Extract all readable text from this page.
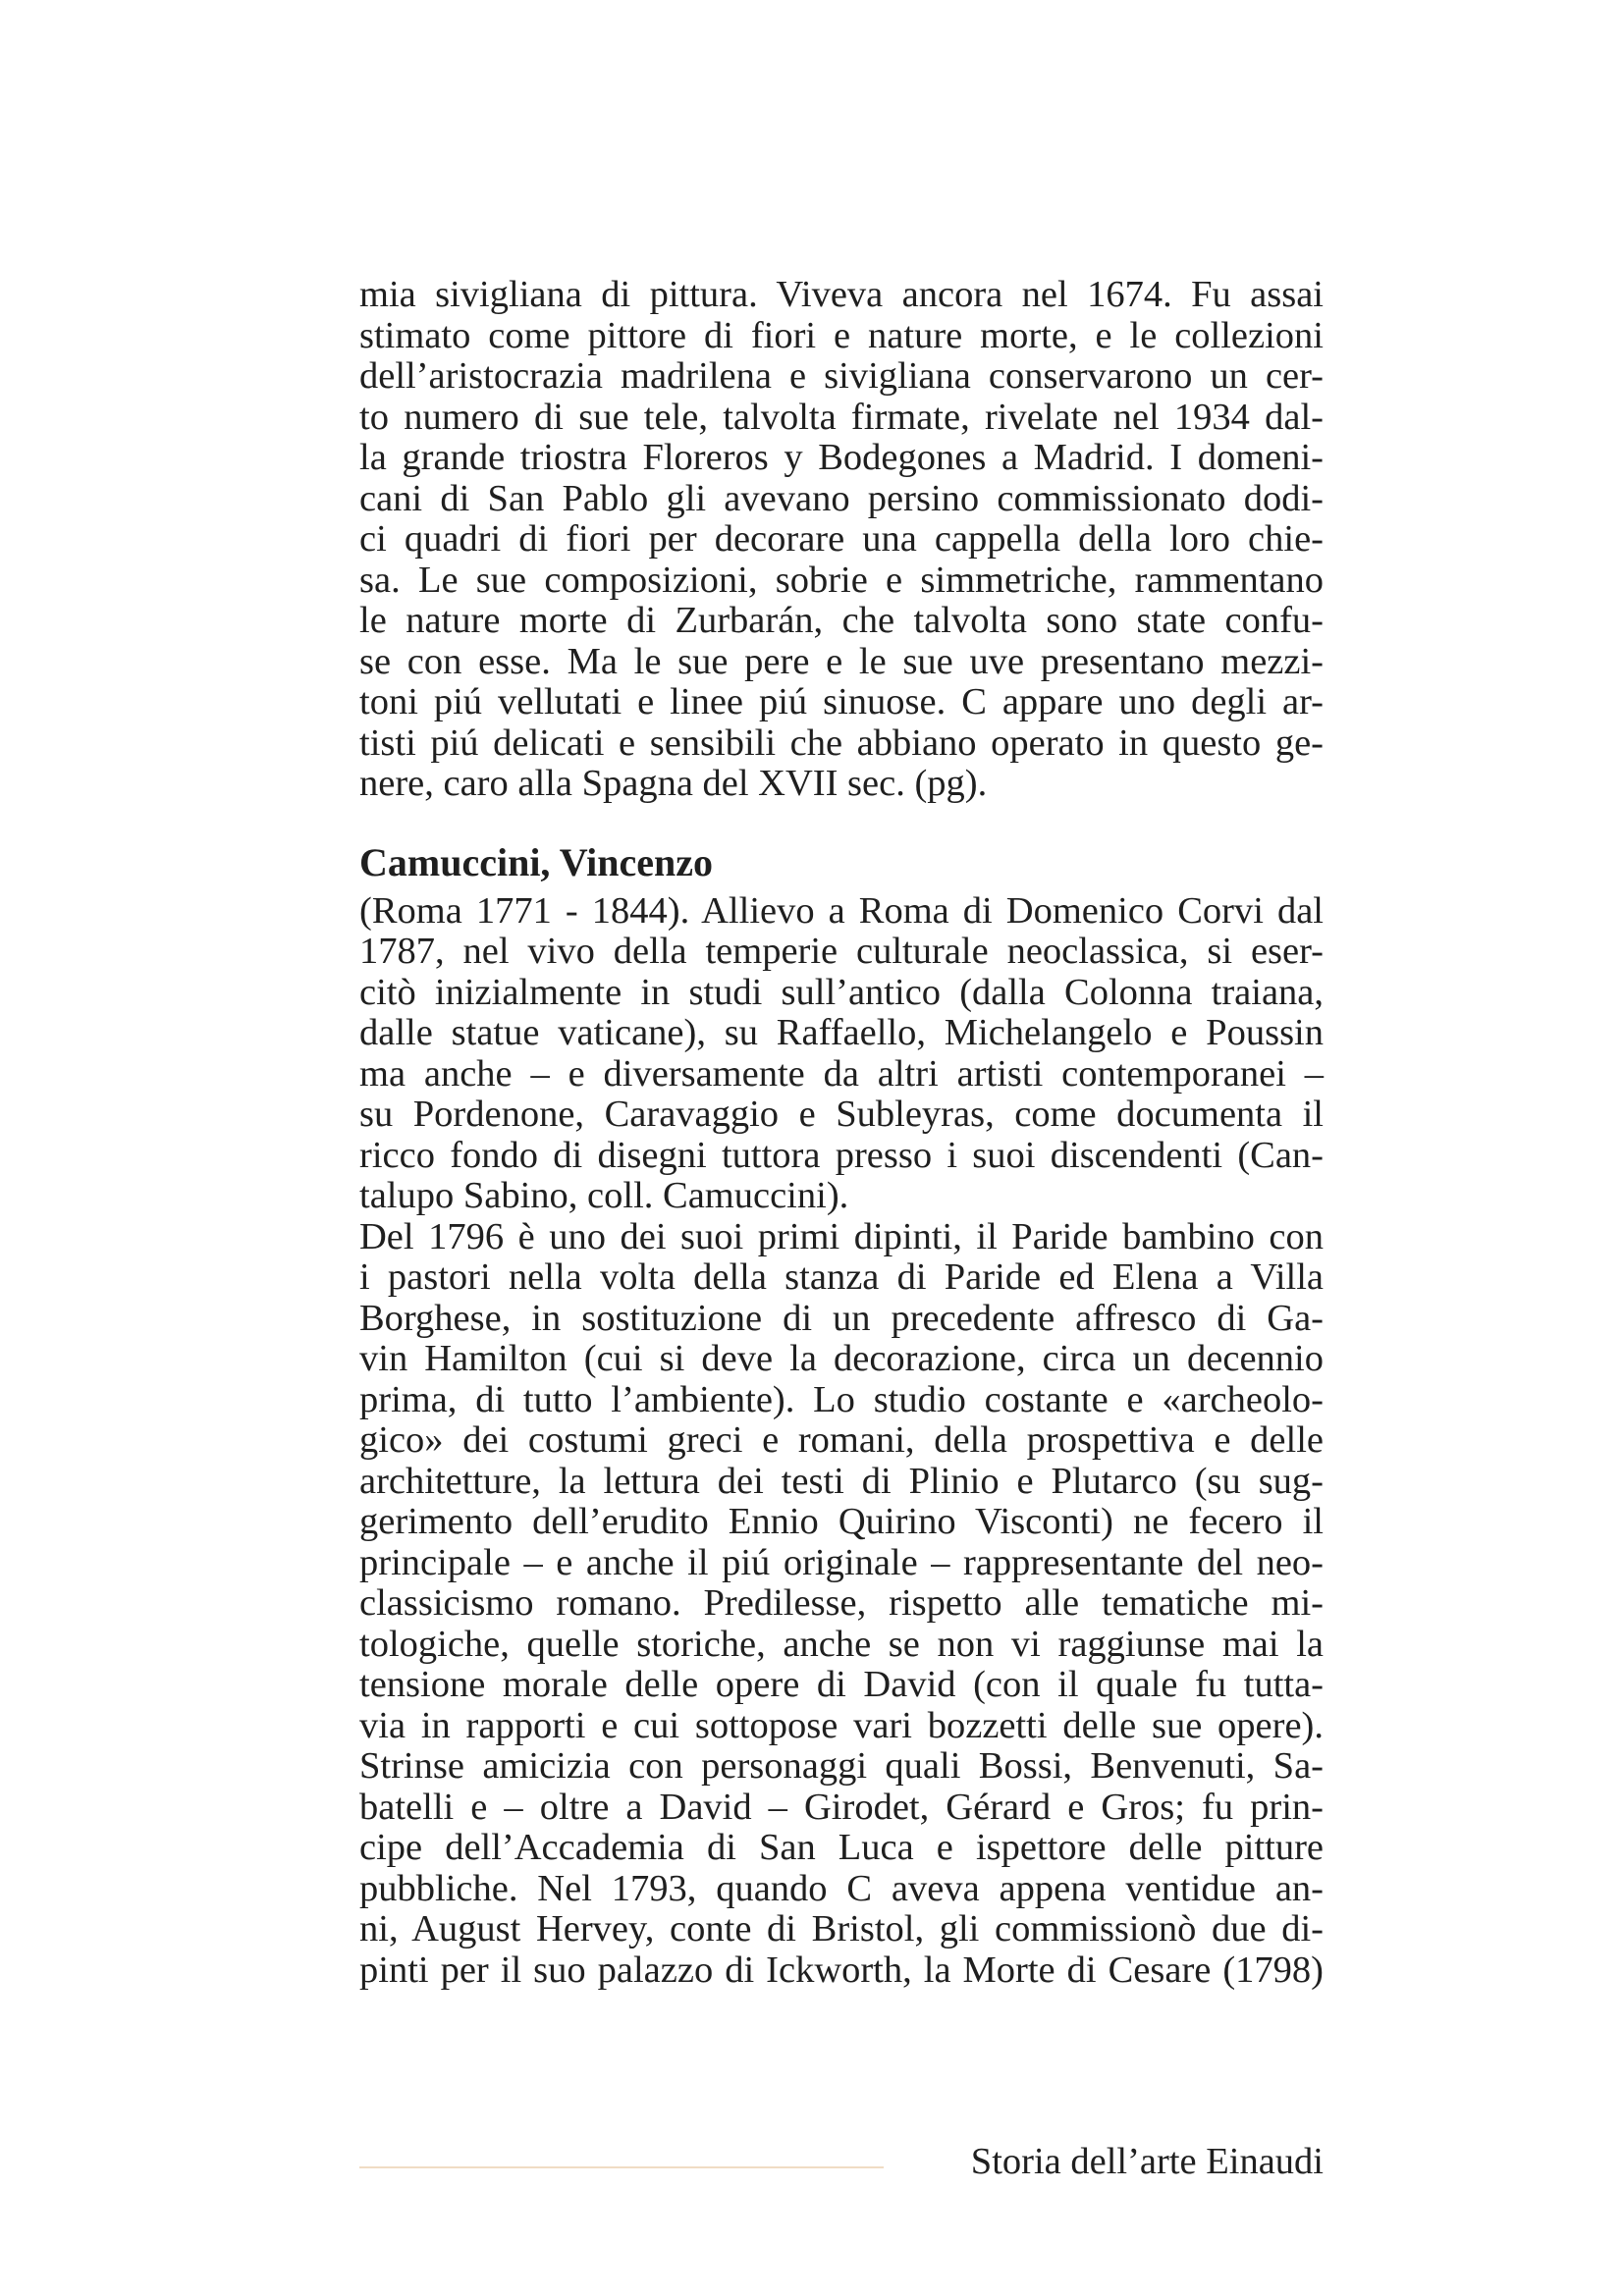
mia sivigliana di pittura. Viveva ancora nel 1674. Fu assai
stimato come pittore di fiori e nature morte, e le collezioni
dell’aristocrazia madrilena e sivigliana conservarono un cer-
to numero di sue tele, talvolta firmate, rivelate nel 1934 dal-
la grande triostra Floreros y Bodegones a Madrid. I domeni-
cani di San Pablo gli avevano persino commissionato dodi-
ci quadri di fiori per decorare una cappella della loro chie-
sa. Le sue composizioni, sobrie e simmetriche, rammentano
le nature morte di Zurbarán, che talvolta sono state confu-
se con esse. Ma le sue pere e le sue uve presentano mezzi-
toni piú vellutati e linee piú sinuose. C appare uno degli ar-
tisti piú delicati e sensibili che abbiano operato in questo ge-
nere, caro alla Spagna del XVII sec. (pg).
Camuccini, Vincenzo
(Roma 1771 - 1844). Allievo a Roma di Domenico Corvi dal
1787, nel vivo della temperie culturale neoclassica, si eser-
citò inizialmente in studi sull’antico (dalla Colonna traiana,
dalle statue vaticane), su Raffaello, Michelangelo e Poussin
ma anche – e diversamente da altri artisti contemporanei –
su Pordenone, Caravaggio e Subleyras, come documenta il
ricco fondo di disegni tuttora presso i suoi discendenti (Can-
talupo Sabino, coll. Camuccini).
Del 1796 è uno dei suoi primi dipinti, il Paride bambino con
i pastori nella volta della stanza di Paride ed Elena a Villa
Borghese, in sostituzione di un precedente affresco di Ga-
vin Hamilton (cui si deve la decorazione, circa un decennio
prima, di tutto l’ambiente). Lo studio costante e «archeolo-
gico» dei costumi greci e romani, della prospettiva e delle
architetture, la lettura dei testi di Plinio e Plutarco (su sug-
gerimento dell’erudito Ennio Quirino Visconti) ne fecero il
principale – e anche il piú originale – rappresentante del neo-
classicismo romano. Predilesse, rispetto alle tematiche mi-
tologiche, quelle storiche, anche se non vi raggiunse mai la
tensione morale delle opere di David (con il quale fu tutta-
via in rapporti e cui sottopose vari bozzetti delle sue opere).
Strinse amicizia con personaggi quali Bossi, Benvenuti, Sa-
batelli e – oltre a David – Girodet, Gérard e Gros; fu prin-
cipe dell’Accademia di San Luca e ispettore delle pitture
pubbliche. Nel 1793, quando C aveva appena ventidue an-
ni, August Hervey, conte di Bristol, gli commissionò due di-
pinti per il suo palazzo di Ickworth, la Morte di Cesare (1798)
Storia dell’arte Einaudi
